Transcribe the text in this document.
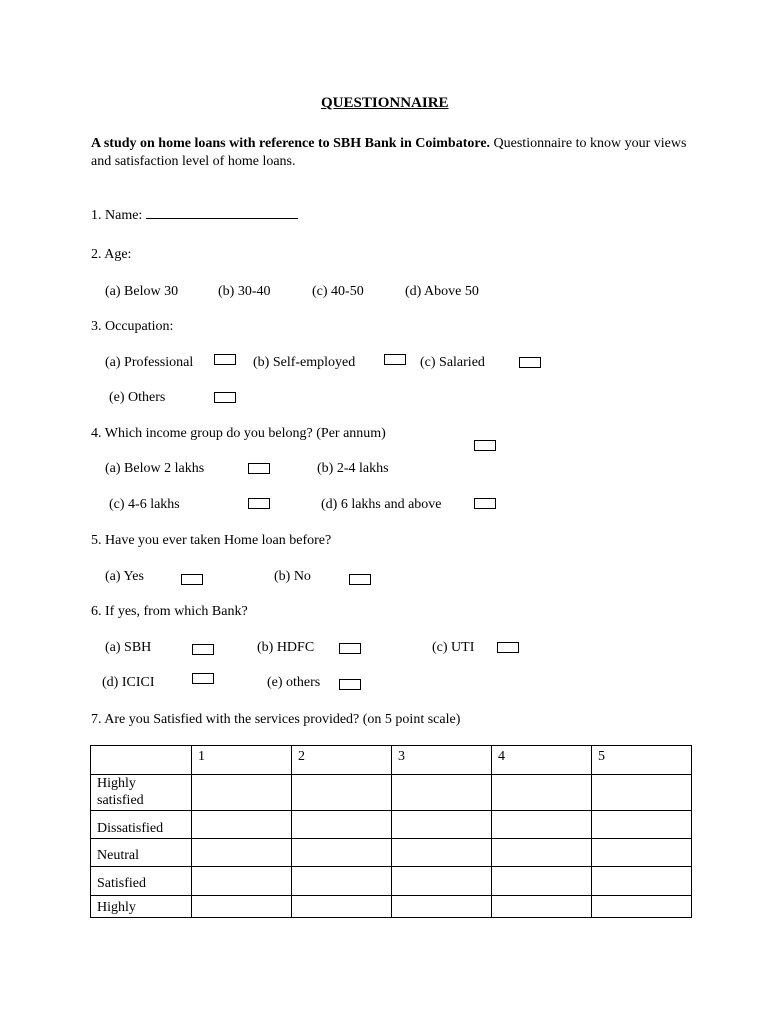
QUESTIONNAIRE
A study on home loans with reference to SBH Bank in Coimbatore. Questionnaire to know your views and satisfaction level of home loans.
1. Name:
2. Age:
(a) Below 30	(b) 30-40	(c) 40-50	(d) Above 50
3. Occupation:
(a) Professional	(b) Self-employed	(c) Salaried
(e) Others
4. Which income group do you belong? (Per annum)
(a) Below 2 lakhs	(b) 2-4 lakhs
(c) 4-6 lakhs	(d) 6 lakhs and above
5. Have you ever taken Home loan before?
(a) Yes	(b) No
6. If yes, from which Bank?
(a) SBH	(b) HDFC	(c) UTI
(d) ICICI	(e) others
7. Are you Satisfied with the services provided? (on 5 point scale)
	1	2	3	4	5
Highly satisfied					
Dissatisfied					
Neutral					
Satisfied					
Highly					
